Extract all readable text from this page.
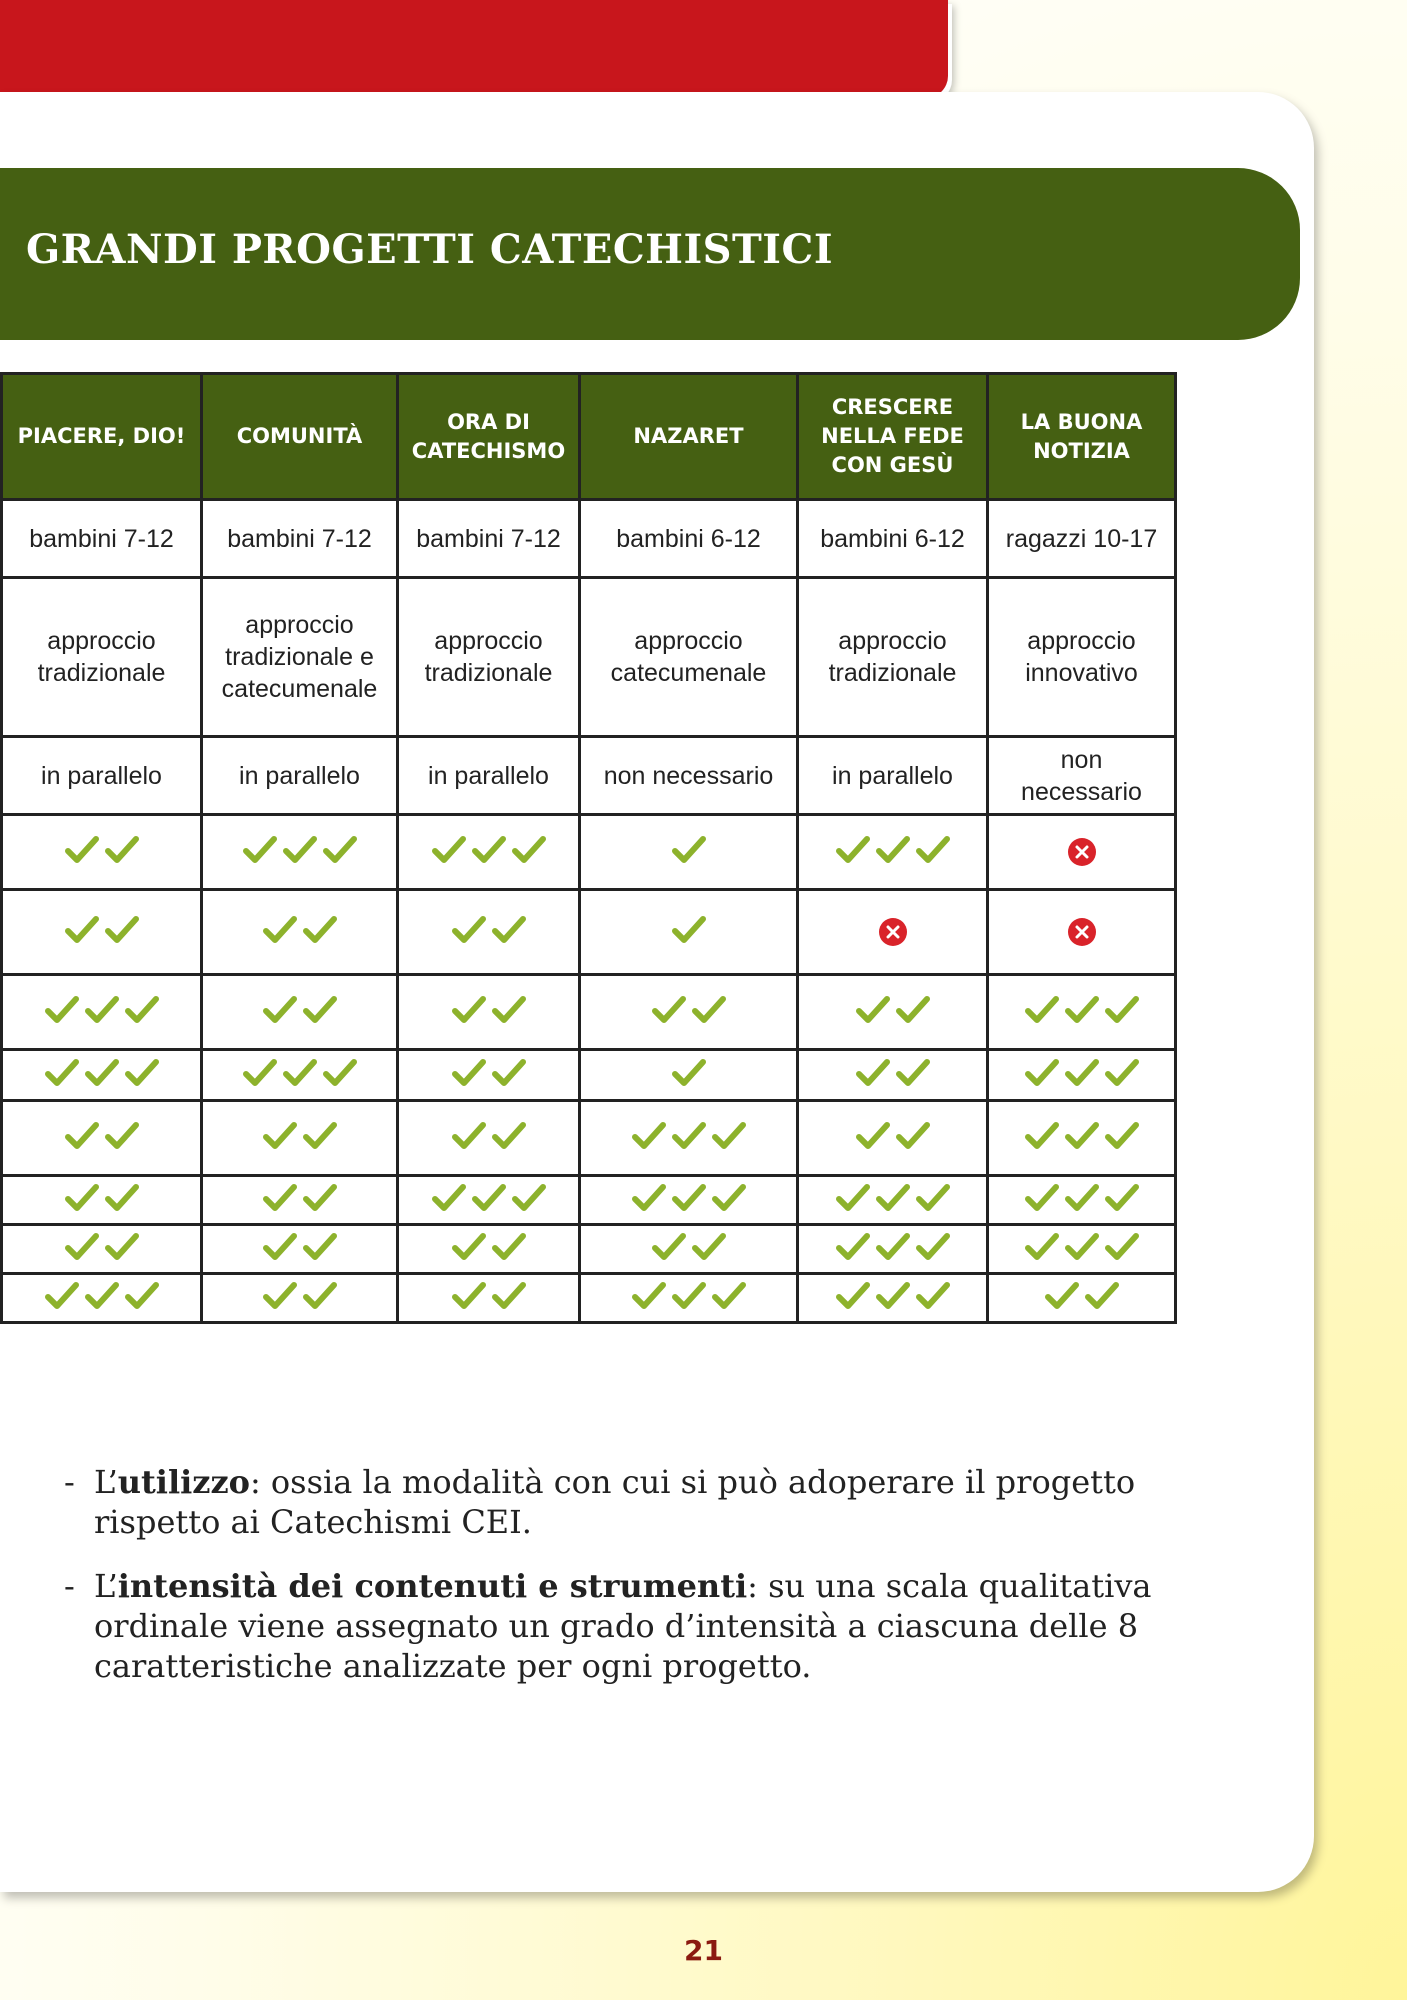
GRANDI PROGETTI CATECHISTICI
PIACERE, DIO!	COMUNITÀ	ORA DI CATECHISMO	NAZARET	CRESCERE NELLA FEDE CON GESÙ	LA BUONA NOTIZIA
bambini 7-12	bambini 7-12	bambini 7-12	bambini 6-12	bambini 6-12	ragazzi 10-17
approccio tradizionale	approccio tradizionale e catecumenale	approccio tradizionale	approccio catecumenale	approccio tradizionale	approccio innovativo
in parallelo	in parallelo	in parallelo	non necessario	in parallelo	non necessario

- L’utilizzo: ossia la modalità con cui si può adoperare il progetto rispetto ai Catechismi CEI.
- L’intensità dei contenuti e strumenti: su una scala qualitativa ordinale viene assegnato un grado d’intensità a ciascuna delle 8 caratteristiche analizzate per ogni progetto.
21
